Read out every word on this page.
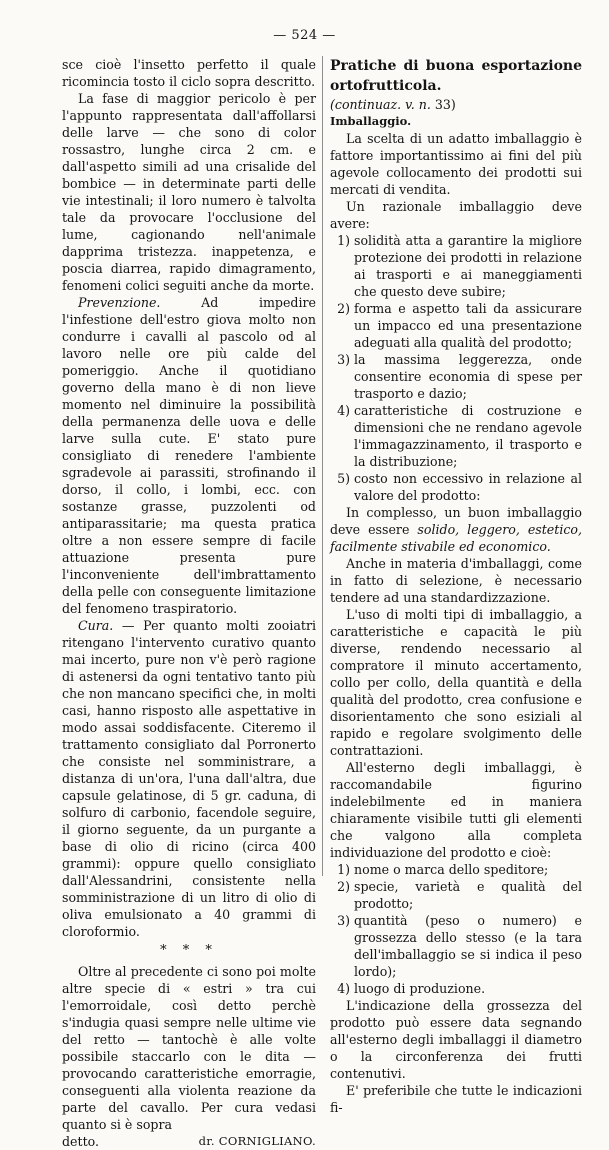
— 524 —

sce cioè l'insetto perfetto il quale ricomincia tosto il ciclo sopra descritto.

La fase di maggior pericolo è per l'appunto rappresentata dall'affollarsi delle larve — che sono di color rossastro, lunghe circa 2 cm. e dall'aspetto simili ad una crisalide del bombice — in determinate parti delle vie intestinali; il loro numero è talvolta tale da provocare l'occlusione del lume, cagionando nell'animale dapprima tristezza. inappetenza, e poscia diarrea, rapido dimagramento, fenomeni colici seguiti anche da morte.

Prevenzione. Ad impedire l'infestione dell'estro giova molto non condurre i cavalli al pascolo od al lavoro nelle ore più calde del pomeriggio. Anche il quotidiano governo della mano è di non lieve momento nel diminuire la possibilità della permanenza delle uova e delle larve sulla cute. E' stato pure consigliato di renedere l'ambiente sgradevole ai parassiti, strofinando il dorso, il collo, i lombi, ecc. con sostanze grasse, puzzolenti od antiparassitarie; ma questa pratica oltre a non essere sempre di facile attuazione presenta pure l'inconveniente dell'imbrattamento della pelle con conseguente limitazione del fenomeno traspiratorio.

Cura. — Per quanto molti zooiatri ritengano l'intervento curativo quanto mai incerto, pure non v'è però ragione di astenersi da ogni tentativo tanto più che non mancano specifici che, in molti casi, hanno risposto alle aspettative in modo assai soddisfacente. Citeremo il trattamento consigliato dal Porronerto che consiste nel somministrare, a distanza di un'ora, l'una dall'altra, due capsule gelatinose, di 5 gr. caduna, di solfuro di carbonio, facendole seguire, il giorno seguente, da un purgante a base di olio di ricino (circa 400 grammi): oppure quello consigliato dall'Alessandrini, consistente nella somministrazione di un litro di olio di oliva emulsionato a 40 grammi di cloroformio.

* * *

Oltre al precedente ci sono poi molte altre specie di « estri » tra cui l'emorroidale, così detto perchè s'indugia quasi sempre nelle ultime vie del retto — tantochè è alle volte possibile staccarlo con le dita — provocando caratteristiche emorragie, conseguenti alla violenta reazione da parte del cavallo. Per cura vedasi quanto si è sopra

detto.	dr. CORNIGLIANO.

Pratiche di buona esportazione ortofrutticola.

(continuaz. v. n. 33)

Imballaggio.

La scelta di un adatto imballaggio è fattore importantissimo ai fini del più agevole collocamento dei prodotti sui mercati di vendita.

Un razionale imballaggio deve avere:

1) solidità atta a garantire la migliore protezione dei prodotti in relazione ai trasporti e ai maneggiamenti che questo deve subire;

2) forma e aspetto tali da assicurare un impacco ed una presentazione adeguati alla qualità del prodotto;

3) la massima leggerezza, onde consentire economia di spese per trasporto e dazio;

4) caratteristiche di costruzione e dimensioni che ne rendano agevole l'immagazzinamento, il trasporto e la distribuzione;

5) costo non eccessivo in relazione al valore del prodotto:

In complesso, un buon imballaggio deve essere solido, leggero, estetico, facilmente stivabile ed economico.

Anche in materia d'imballaggi, come in fatto di selezione, è necessario tendere ad una standardizzazione.

L'uso di molti tipi di imballaggio, a caratteristiche e capacità le più diverse, rendendo necessario al compratore il minuto accertamento, collo per collo, della quantità e della qualità del prodotto, crea confusione e disorientamento che sono esiziali al rapido e regolare svolgimento delle contrattazioni.

All'esterno degli imballaggi, è raccomandabile figurino indelebilmente ed in maniera chiaramente visibile tutti gli elementi che valgono alla completa individuazione del prodotto e cioè:

1) nome o marca dello speditore;

2) specie, varietà e qualità del prodotto;

3) quantità (peso o numero) e grossezza dello stesso (e la tara dell'imballaggio se si indica il peso lordo);

4) luogo di produzione.

L'indicazione della grossezza del prodotto può essere data segnando all'esterno degli imballaggi il diametro o la circonferenza dei frutti contenutivi.

E' preferibile che tutte le indicazioni fi-
